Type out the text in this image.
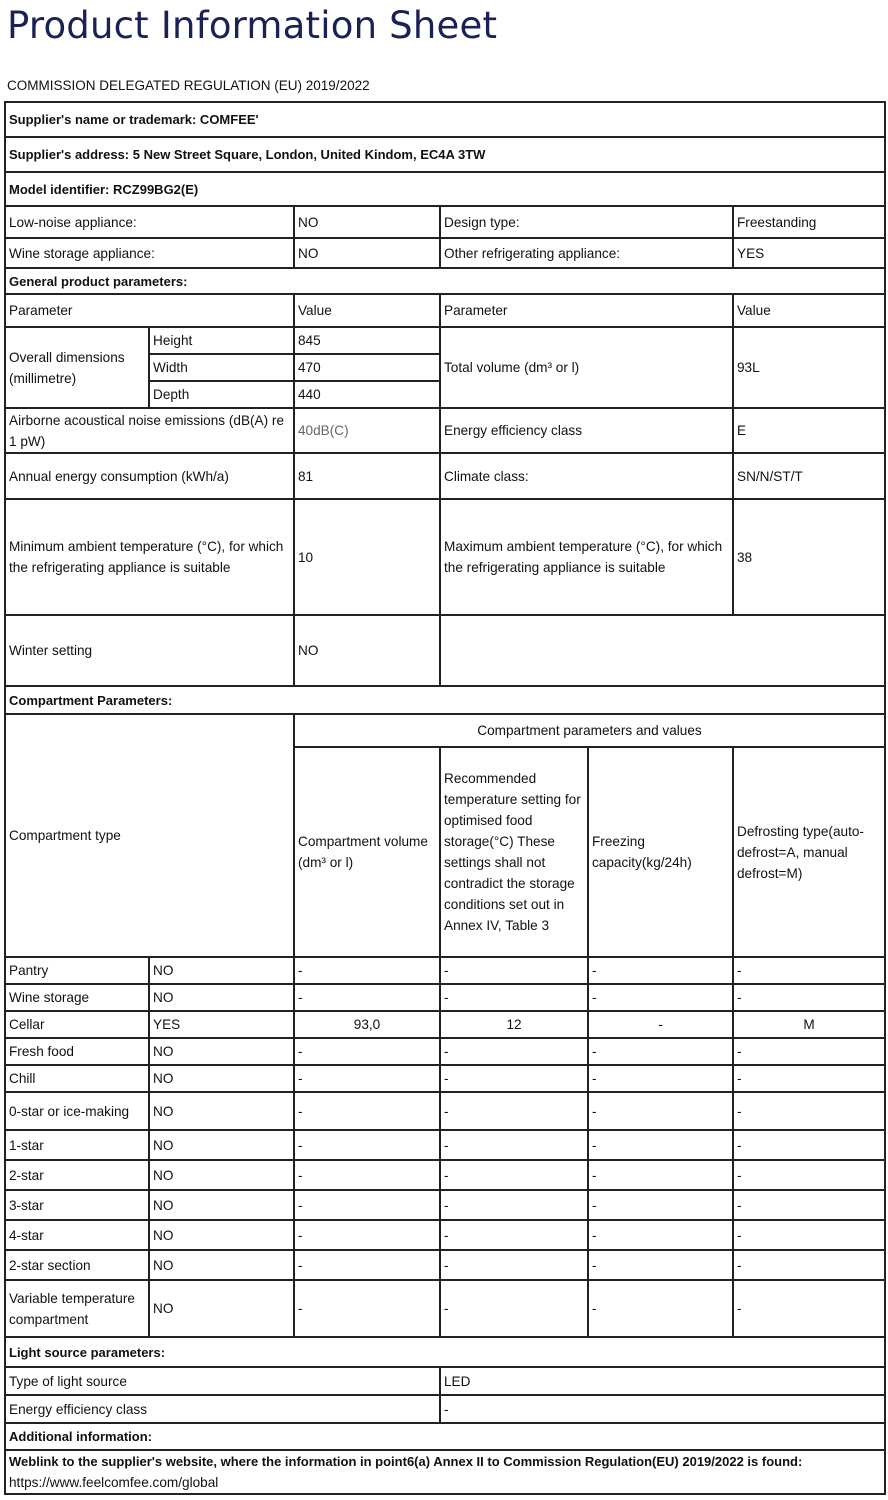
Product Information Sheet
COMMISSION DELEGATED REGULATION (EU) 2019/2022
Supplier's name or trademark: COMFEE'					
Supplier's address: 5 New Street Square, London, United Kindom, EC4A 3TW					
Model identifier: RCZ99BG2(E)					
Low-noise appliance:		NO	Design type:		Freestanding
Wine storage appliance:		NO	Other refrigerating appliance:		YES
General product parameters:					
Parameter		Value	Parameter		Value
Overall dimensions (millimetre)	Height	845	Total volume (dm³ or l)		93L
	Width	470			
	Depth	440			
Airborne acoustical noise emissions (dB(A) re 1 pW)		40dB(C)	Energy efficiency class		E
Annual energy consumption (kWh/a)		81	Climate class:		SN/N/ST/T
Minimum ambient temperature (°C), for which the refrigerating appliance is suitable		10	Maximum ambient temperature (°C), for which the refrigerating appliance is suitable		38
Winter setting		NO			
Compartment Parameters:					
Compartment type		Compartment parameters and values			
		Compartment volume (dm³ or l)	Recommended temperature setting for optimised food storage(°C) These settings shall not contradict the storage conditions set out in Annex IV, Table 3	Freezing capacity(kg/24h)	Defrosting type(auto-defrost=A, manual defrost=M)
Pantry	NO	-	-	-	-
Wine storage	NO	-	-	-	-
Cellar	YES	93,0	12	-	M
Fresh food	NO	-	-	-	-
Chill	NO	-	-	-	-
0-star or ice-making	NO	-	-	-	-
1-star	NO	-	-	-	-
2-star	NO	-	-	-	-
3-star	NO	-	-	-	-
4-star	NO	-	-	-	-
2-star section	NO	-	-	-	-
Variable temperature compartment	NO	-	-	-	-
Light source parameters:					
Type of light source			LED		
Energy efficiency class			-		
Additional information:					

Weblink to the supplier's website, where the information in point6(a) Annex II to Commission Regulation(EU) 2019/2022 is found:
https://www.feelcomfee.com/global					
